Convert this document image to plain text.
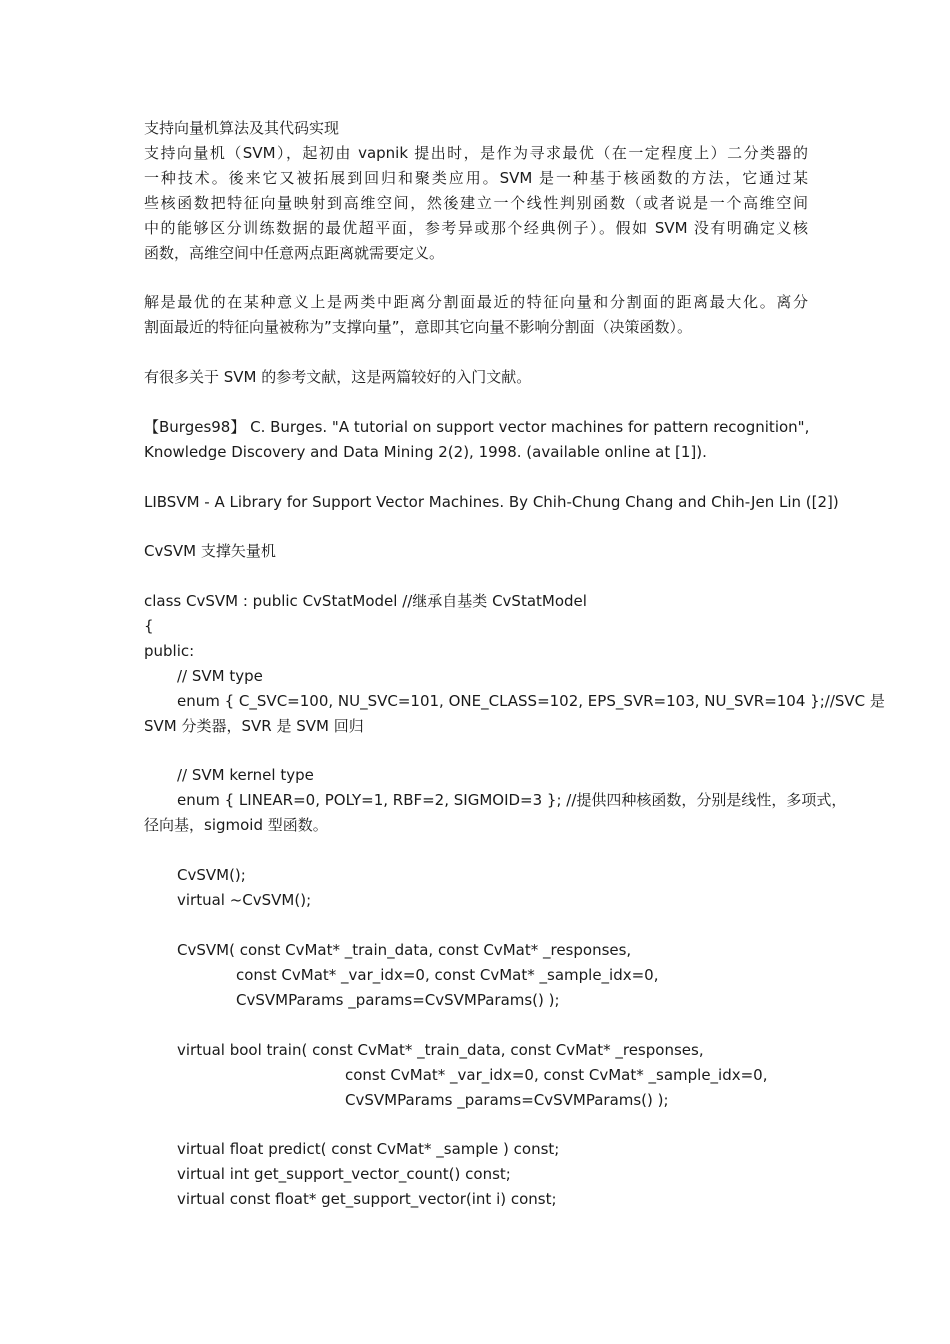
支持向量机算法及其代码实现
支持向量机（SVM），起初由 vapnik 提出时，是作为寻求最优（在一定程度上）二分类器的
一种技术。後来它又被拓展到回归和聚类应用。SVM 是一种基于核函数的方法，它通过某
些核函数把特征向量映射到高维空间，然後建立一个线性判别函数（或者说是一个高维空间
中的能够区分训练数据的最优超平面，参考异或那个经典例子）。假如 SVM 没有明确定义核
函数，高维空间中任意两点距离就需要定义。
解是最优的在某种意义上是两类中距离分割面最近的特征向量和分割面的距离最大化。离分
割面最近的特征向量被称为”支撑向量”，意即其它向量不影响分割面（决策函数）。
有很多关于 SVM 的参考文献，这是两篇较好的入门文献。
【Burges98】 C. Burges. "A tutorial on support vector machines for pattern recognition",
Knowledge Discovery and Data Mining 2(2), 1998. (available online at [1]).
LIBSVM - A Library for Support Vector Machines. By Chih-Chung Chang and Chih-Jen Lin ([2])
CvSVM 支撑矢量机
class CvSVM : public CvStatModel //继承自基类 CvStatModel
{
public:
// SVM type
enum { C_SVC=100, NU_SVC=101, ONE_CLASS=102, EPS_SVR=103, NU_SVR=104 };//SVC 是
SVM 分类器，SVR 是 SVM 回归
// SVM kernel type
enum { LINEAR=0, POLY=1, RBF=2, SIGMOID=3 }; //提供四种核函数，分别是线性，多项式，
径向基，sigmoid 型函数。
CvSVM();
virtual ~CvSVM();
CvSVM( const CvMat* _train_data, const CvMat* _responses,
const CvMat* _var_idx=0, const CvMat* _sample_idx=0,
CvSVMParams _params=CvSVMParams() );
virtual bool train( const CvMat* _train_data, const CvMat* _responses,
const CvMat* _var_idx=0, const CvMat* _sample_idx=0,
CvSVMParams _params=CvSVMParams() );
virtual float predict( const CvMat* _sample ) const;
virtual int get_support_vector_count() const;
virtual const float* get_support_vector(int i) const;
